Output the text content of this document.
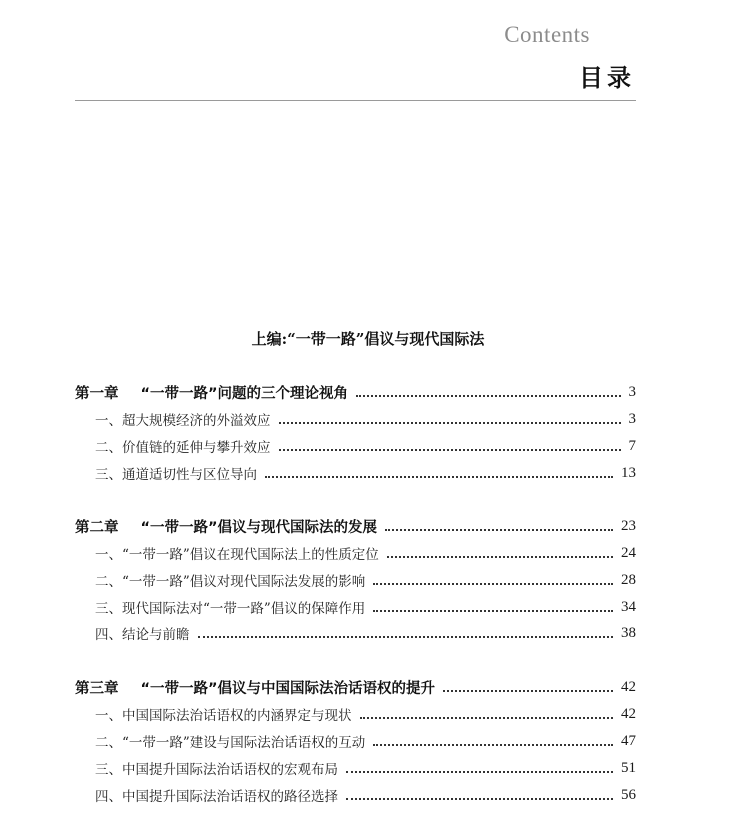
Contents
目录
上编:“一带一路”倡议与现代国际法
第一章 “一带一路”问题的三个理论视角	3
一、超大规模经济的外溢效应	3
二、价值链的延伸与攀升效应	7
三、通道适切性与区位导向	13
第二章 “一带一路”倡议与现代国际法的发展	23
一、“一带一路”倡议在现代国际法上的性质定位	24
二、“一带一路”倡议对现代国际法发展的影响	28
三、现代国际法对“一带一路”倡议的保障作用	34
四、结论与前瞻	38
第三章 “一带一路”倡议与中国国际法治话语权的提升	42
一、中国国际法治话语权的内涵界定与现状	42
二、“一带一路”建设与国际法治话语权的互动	47
三、中国提升国际法治话语权的宏观布局	51
四、中国提升国际法治话语权的路径选择	56
